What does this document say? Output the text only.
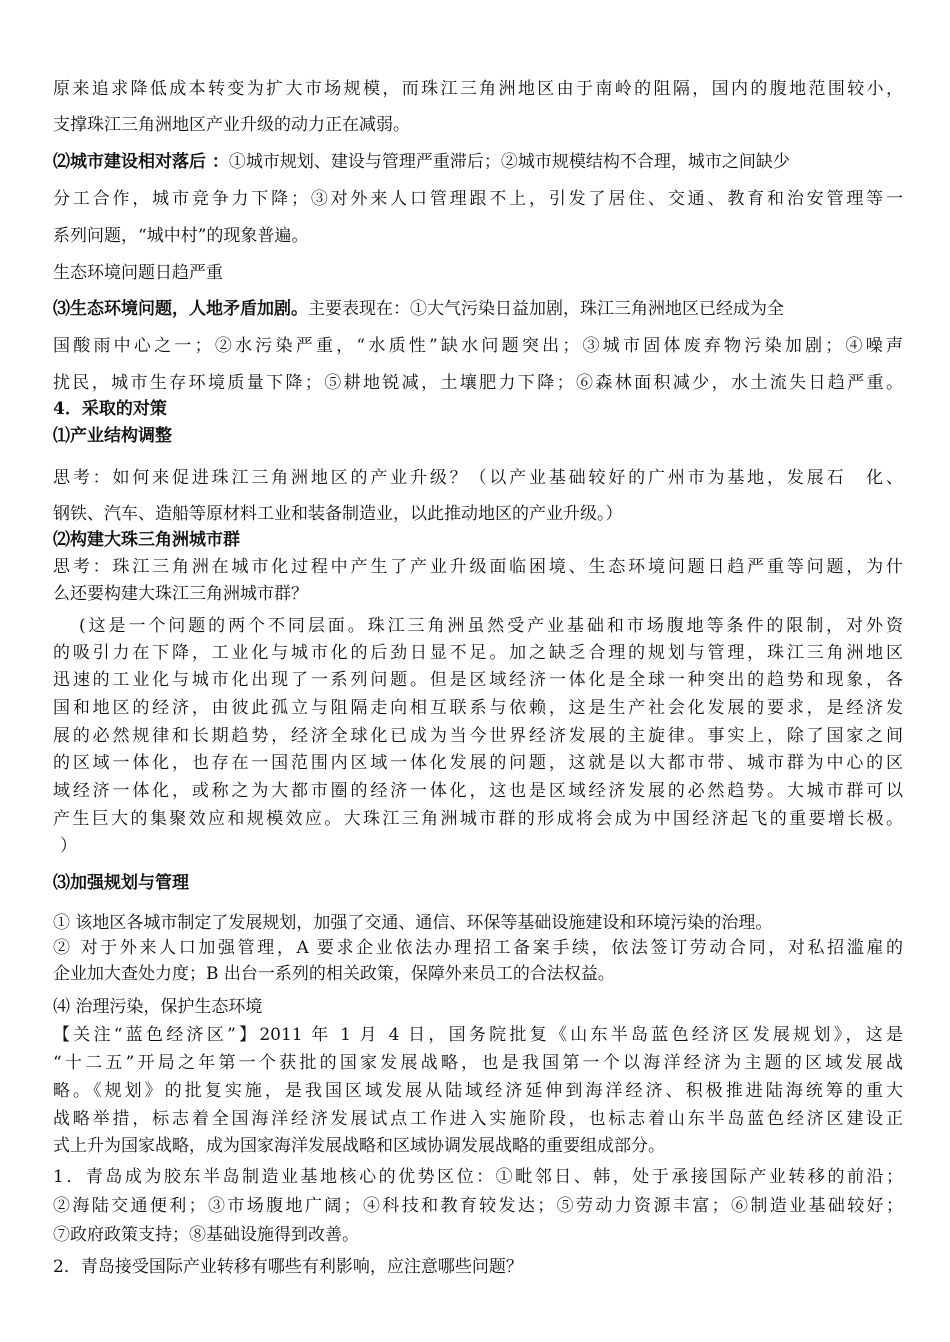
原来追求降低成本转变为扩大市场规模，而珠江三角洲地区由于南岭的阻隔，国内的腹地范围较小，
支撑珠江三角洲地区产业升级的动力正在减弱。
⑵城市建设相对落后 ：①城市规划、建设与管理严重滞后；②城市规模结构不合理，城市之间缺少
分工合作，城市竞争力下降；③对外来人口管理跟不上，引发了居住、交通、教育和治安管理等一
系列问题，“城中村”的现象普遍。
生态环境问题日趋严重
⑶生态环境问题，人地矛盾加剧。主要表现在：①大气污染日益加剧，珠江三角洲地区已经成为全
国酸雨中心之一；②水污染严重，“水质性”缺水问题突出；③城市固体废弃物污染加剧；④噪声
扰民，城市生存环境质量下降；⑤耕地锐减，土壤肥力下降；⑥森林面积减少，水土流失日趋严重。
4．采取的对策
⑴产业结构调整
思考：如何来促进珠江三角洲地区的产业升级？（以产业基础较好的广州市为基地，发展石　化、
钢铁、汽车、造船等原材料工业和装备制造业，以此推动地区的产业升级。）
⑵构建大珠三角洲城市群
思考：珠江三角洲在城市化过程中产生了产业升级面临困境、生态环境问题日趋严重等问题，为什
么还要构建大珠江三角洲城市群？
(这是一个问题的两个不同层面。珠江三角洲虽然受产业基础和市场腹地等条件的限制，对外资
的吸引力在下降，工业化与城市化的后劲日显不足。加之缺乏合理的规划与管理，珠江三角洲地区
迅速的工业化与城市化出现了一系列问题。但是区域经济一体化是全球一种突出的趋势和现象，各
国和地区的经济，由彼此孤立与阻隔走向相互联系与依赖，这是生产社会化发展的要求，是经济发
展的必然规律和长期趋势，经济全球化已成为当今世界经济发展的主旋律。事实上，除了国家之间
的区域一体化，也存在一国范围内区域一体化发展的问题，这就是以大都市带、城市群为中心的区
域经济一体化，或称之为大都市圈的经济一体化，这也是区域经济发展的必然趋势。大城市群可以
产生巨大的集聚效应和规模效应。大珠江三角洲城市群的形成将会成为中国经济起飞的重要增长极。
）
⑶加强规划与管理
① 该地区各城市制定了发展规划，加强了交通、通信、环保等基础设施建设和环境污染的治理。
② 对于外来人口加强管理，A 要求企业依法办理招工备案手续，依法签订劳动合同，对私招滥雇的
企业加大查处力度；B 出台一系列的相关政策，保障外来员工的合法权益。
⑷ 治理污染，保护生态环境
【关注“蓝色经济区”】2011 年 1 月 4 日，国务院批复《山东半岛蓝色经济区发展规划》，这是
“十二五”开局之年第一个获批的国家发展战略，也是我国第一个以海洋经济为主题的区域发展战
略。《规划》的批复实施，是我国区域发展从陆域经济延伸到海洋经济、积极推进陆海统筹的重大
战略举措，标志着全国海洋经济发展试点工作进入实施阶段，也标志着山东半岛蓝色经济区建设正
式上升为国家战略，成为国家海洋发展战略和区域协调发展战略的重要组成部分。
1．青岛成为胶东半岛制造业基地核心的优势区位：①毗邻日、韩，处于承接国际产业转移的前沿；
②海陆交通便利；③市场腹地广阔；④科技和教育较发达；⑤劳动力资源丰富；⑥制造业基础较好；
⑦政府政策支持；⑧基础设施得到改善。
2．青岛接受国际产业转移有哪些有利影响，应注意哪些问题？
